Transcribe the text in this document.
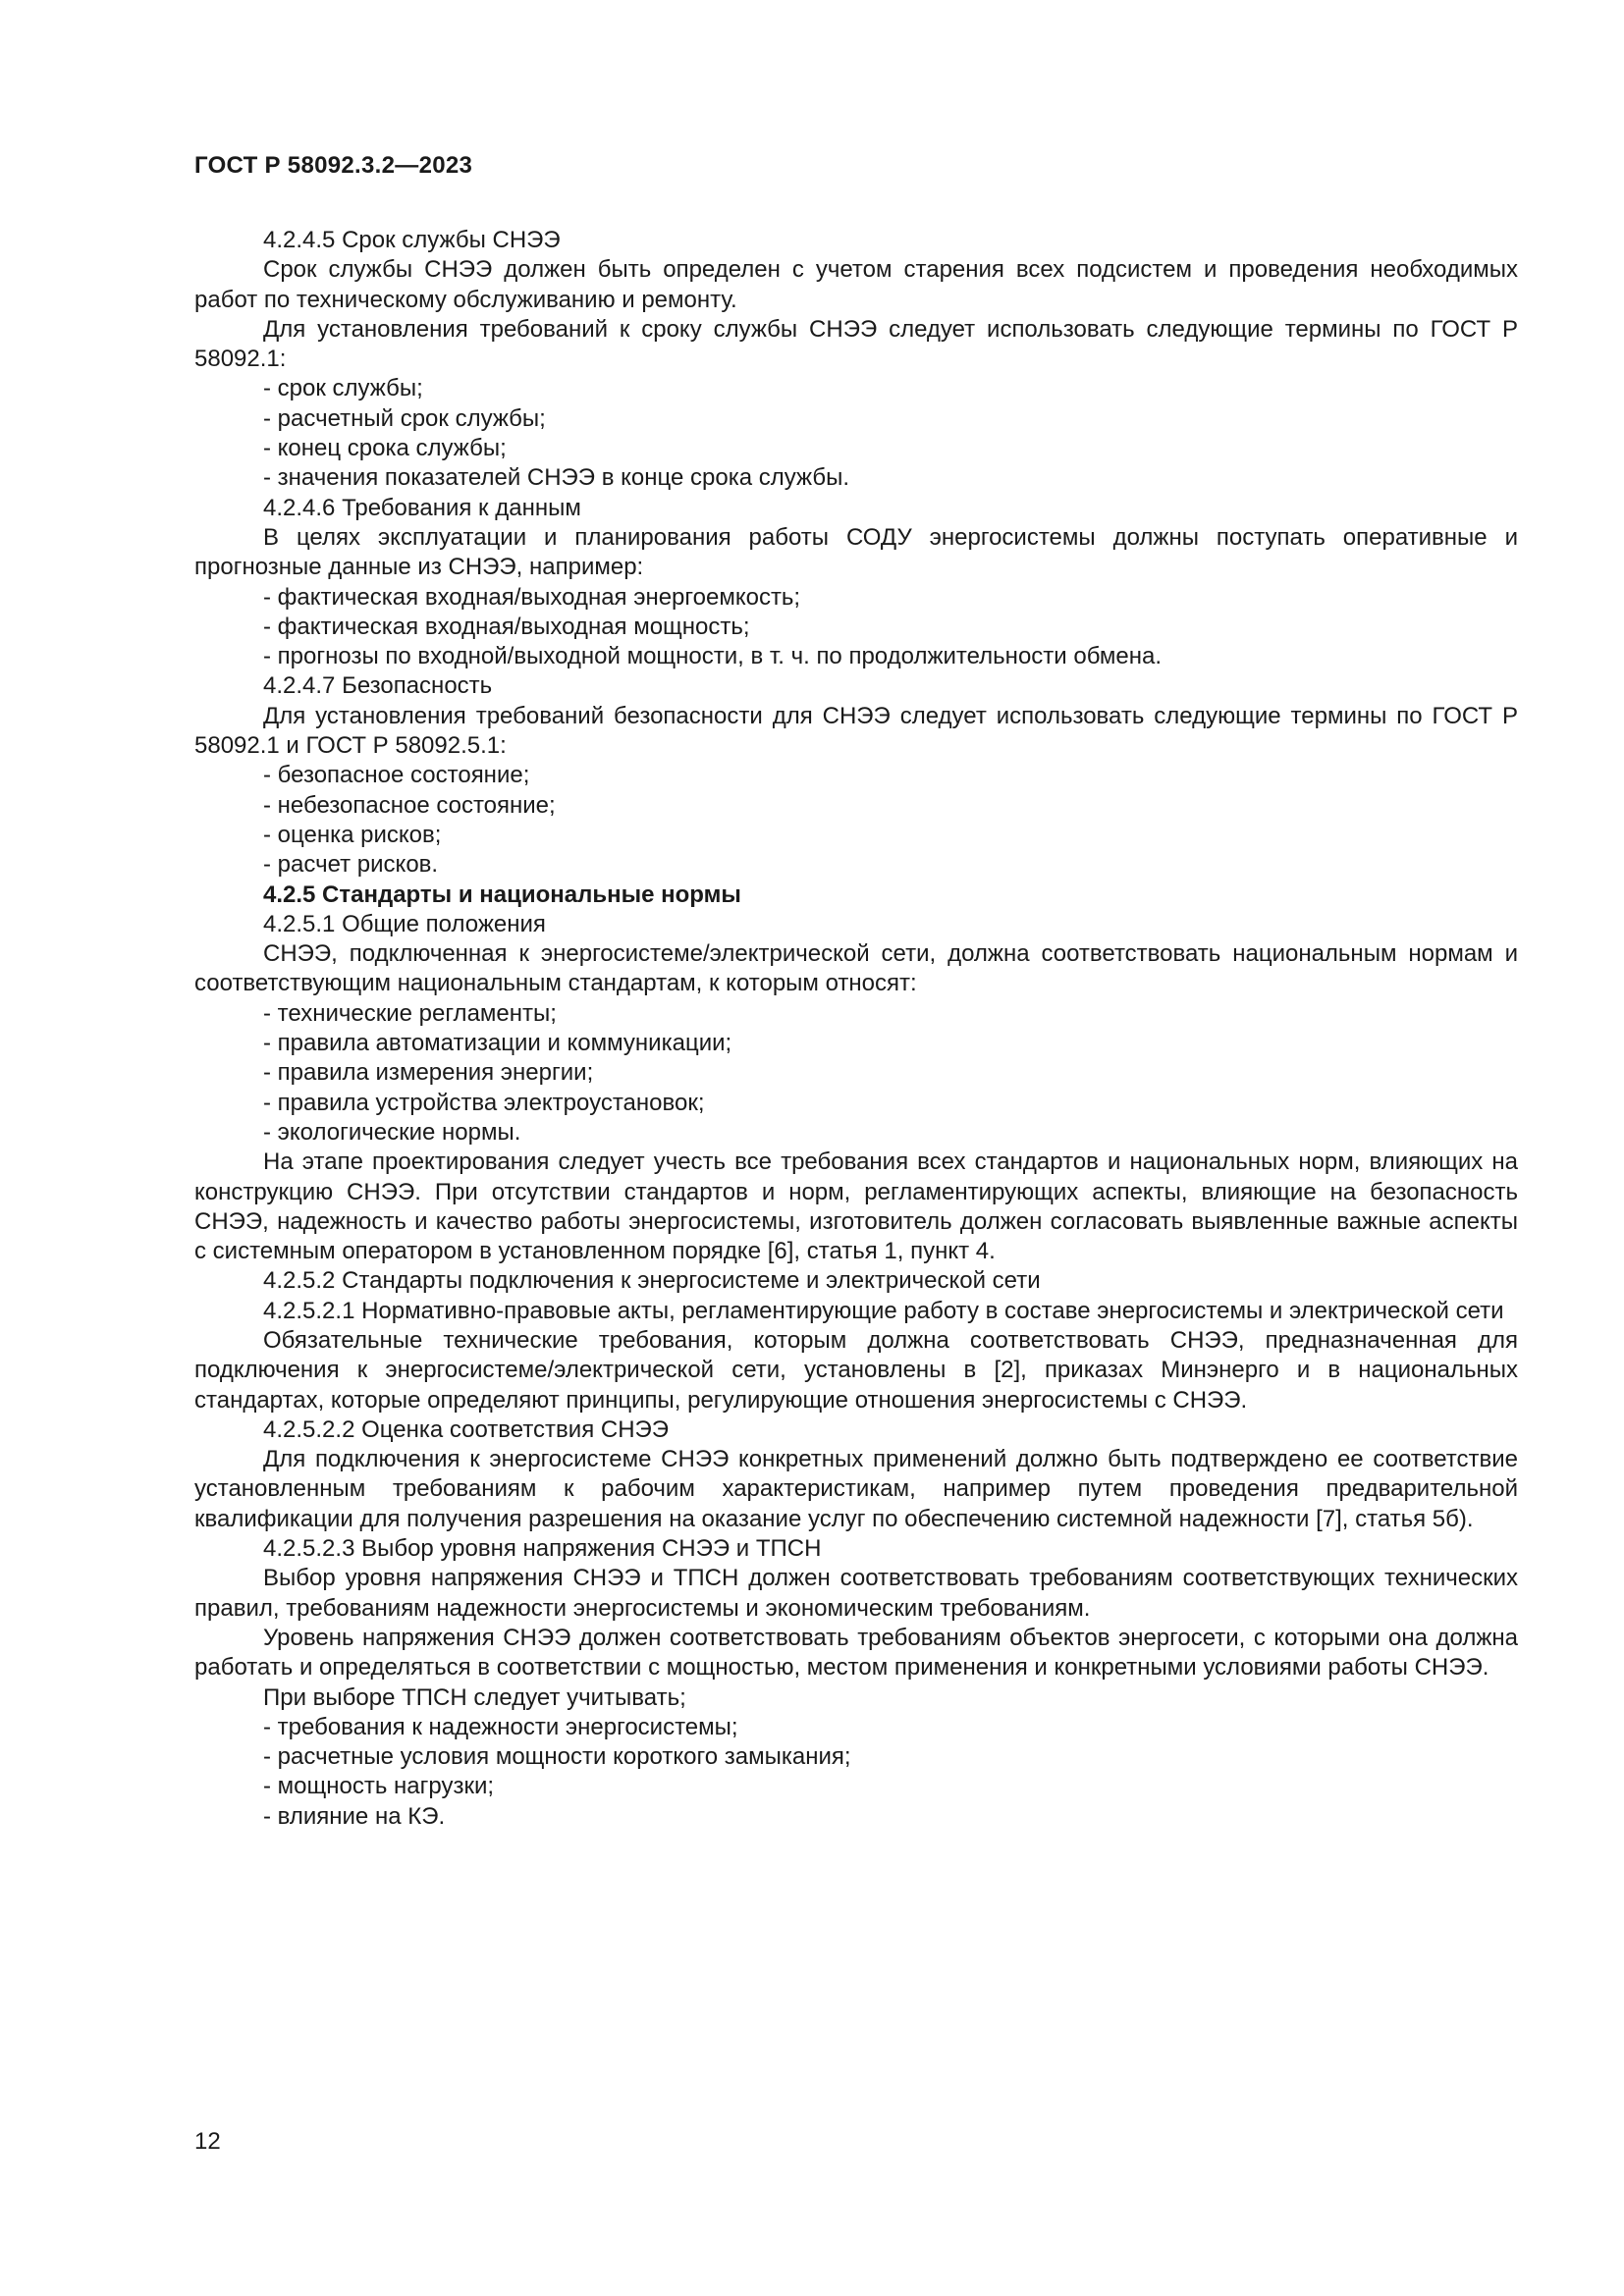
ГОСТ Р 58092.3.2—2023

4.2.4.5 Срок службы СНЭЭ

Срок службы СНЭЭ должен быть определен с учетом старения всех подсистем и проведения необходимых работ по техническому обслуживанию и ремонту.

Для установления требований к сроку службы СНЭЭ следует использовать следующие термины по ГОСТ Р 58092.1:

- срок службы;

- расчетный срок службы;

- конец срока службы;

- значения показателей СНЭЭ в конце срока службы.

4.2.4.6 Требования к данным

В целях эксплуатации и планирования работы СОДУ энергосистемы должны поступать оперативные и прогнозные данные из СНЭЭ, например:

- фактическая входная/выходная энергоемкость;

- фактическая входная/выходная мощность;

- прогнозы по входной/выходной мощности, в т. ч. по продолжительности обмена.

4.2.4.7 Безопасность

Для установления требований безопасности для СНЭЭ следует использовать следующие термины по ГОСТ Р 58092.1 и ГОСТ Р 58092.5.1:

- безопасное состояние;

- небезопасное состояние;

- оценка рисков;

- расчет рисков.

4.2.5 Стандарты и национальные нормы

4.2.5.1 Общие положения

СНЭЭ, подключенная к энергосистеме/электрической сети, должна соответствовать национальным нормам и соответствующим национальным стандартам, к которым относят:

- технические регламенты;

- правила автоматизации и коммуникации;

- правила измерения энергии;

- правила устройства электроустановок;

- экологические нормы.

На этапе проектирования следует учесть все требования всех стандартов и национальных норм, влияющих на конструкцию СНЭЭ. При отсутствии стандартов и норм, регламентирующих аспекты, влияющие на безопасность СНЭЭ, надежность и качество работы энергосистемы, изготовитель должен согласовать выявленные важные аспекты с системным оператором в установленном порядке [6], статья 1, пункт 4.

4.2.5.2 Стандарты подключения к энергосистеме и электрической сети

4.2.5.2.1 Нормативно-правовые акты, регламентирующие работу в составе энергосистемы и электрической сети

Обязательные технические требования, которым должна соответствовать СНЭЭ, предназначенная для подключения к энергосистеме/электрической сети, установлены в [2], приказах Минэнерго и в национальных стандартах, которые определяют принципы, регулирующие отношения энергосистемы с СНЭЭ.

4.2.5.2.2 Оценка соответствия СНЭЭ

Для подключения к энергосистеме СНЭЭ конкретных применений должно быть подтверждено ее соответствие установленным требованиям к рабочим характеристикам, например путем проведения предварительной квалификации для получения разрешения на оказание услуг по обеспечению системной надежности [7], статья 5б).

4.2.5.2.3 Выбор уровня напряжения СНЭЭ и ТПСН

Выбор уровня напряжения СНЭЭ и ТПСН должен соответствовать требованиям соответствующих технических правил, требованиям надежности энергосистемы и экономическим требованиям.

Уровень напряжения СНЭЭ должен соответствовать требованиям объектов энергосети, с которыми она должна работать и определяться в соответствии с мощностью, местом применения и конкретными условиями работы СНЭЭ.

При выборе ТПСН следует учитывать;

- требования к надежности энергосистемы;

- расчетные условия мощности короткого замыкания;

- мощность нагрузки;

- влияние на КЭ.

12
